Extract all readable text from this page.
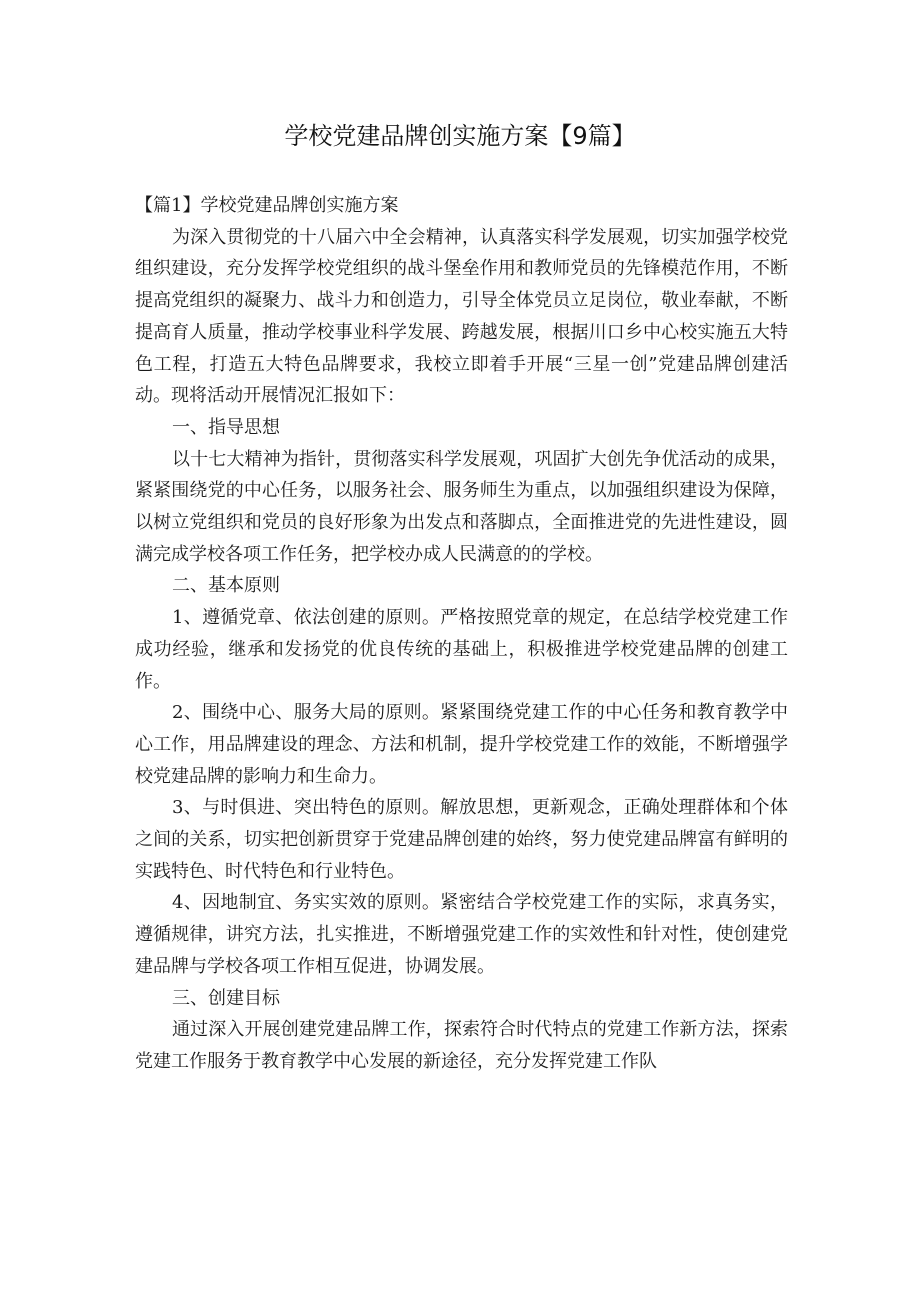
学校党建品牌创实施方案【9篇】

【篇1】学校党建品牌创实施方案

为深入贯彻党的十八届六中全会精神，认真落实科学发展观，切实加强学校党组织建设，充分发挥学校党组织的战斗堡垒作用和教师党员的先锋模范作用，不断提高党组织的凝聚力、战斗力和创造力，引导全体党员立足岗位，敬业奉献，不断提高育人质量，推动学校事业科学发展、跨越发展，根据川口乡中心校实施五大特色工程，打造五大特色品牌要求，我校立即着手开展“三星一创”党建品牌创建活动。现将活动开展情况汇报如下：

一、指导思想

以十七大精神为指针，贯彻落实科学发展观，巩固扩大创先争优活动的成果，紧紧围绕党的中心任务，以服务社会、服务师生为重点，以加强组织建设为保障，以树立党组织和党员的良好形象为出发点和落脚点，全面推进党的先进性建设，圆满完成学校各项工作任务，把学校办成人民满意的的学校。

二、基本原则

1、遵循党章、依法创建的原则。严格按照党章的规定，在总结学校党建工作成功经验，继承和发扬党的优良传统的基础上，积极推进学校党建品牌的创建工作。

2、围绕中心、服务大局的原则。紧紧围绕党建工作的中心任务和教育教学中心工作，用品牌建设的理念、方法和机制，提升学校党建工作的效能，不断增强学校党建品牌的影响力和生命力。

3、与时俱进、突出特色的原则。解放思想，更新观念，正确处理群体和个体之间的关系，切实把创新贯穿于党建品牌创建的始终，努力使党建品牌富有鲜明的实践特色、时代特色和行业特色。

4、因地制宜、务实实效的原则。紧密结合学校党建工作的实际，求真务实，遵循规律，讲究方法，扎实推进，不断增强党建工作的实效性和针对性，使创建党建品牌与学校各项工作相互促进，协调发展。

三、创建目标

通过深入开展创建党建品牌工作，探索符合时代特点的党建工作新方法，探索党建工作服务于教育教学中心发展的新途径，充分发挥党建工作队
